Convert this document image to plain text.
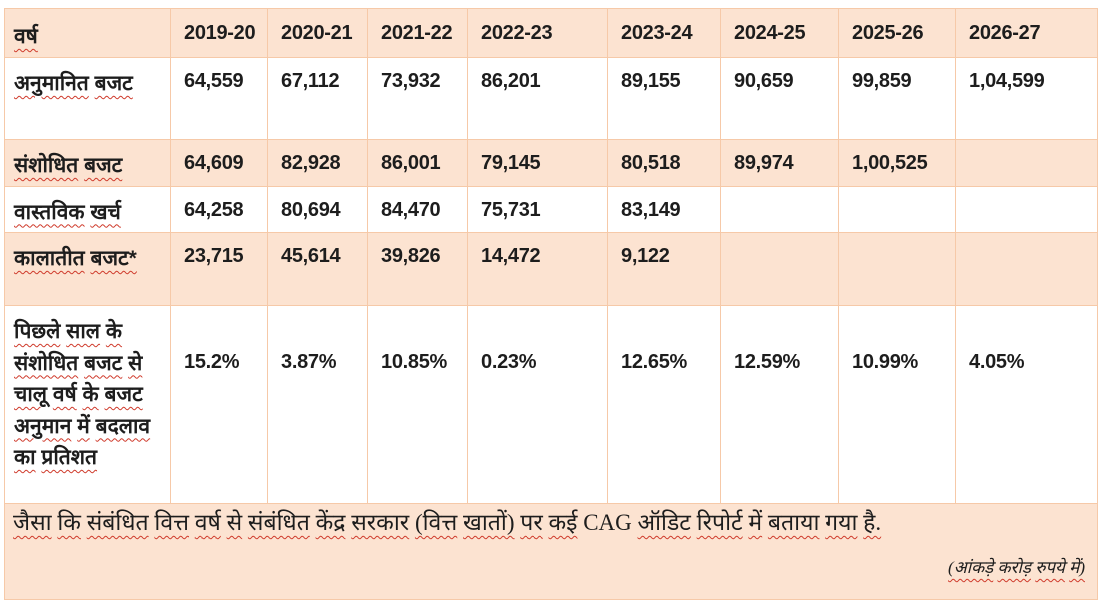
वर्ष	2019-20	2020-21	2021-22	2022-23	2023-24	2024-25	2025-26	2026-27
अनुमानित बजट	64,559	67,112	73,932	86,201	89,155	90,659	99,859	1,04,599
संशोधित बजट	64,609	82,928	86,001	79,145	80,518	89,974	1,00,525	
वास्तविक खर्च	64,258	80,694	84,470	75,731	83,149			
कालातीत बजट*	23,715	45,614	39,826	14,472	9,122			
पिछले साल के संशोधित बजट से चालू वर्ष के बजट अनुमान में बदलाव का प्रतिशत	15.2%	3.87%	10.85%	0.23%	12.65%	12.59%	10.99%	4.05%

जैसा कि संबंधित वित्त वर्ष से संबंधित केंद्र सरकार (वित्त खातों) पर कई CAG ऑडिट रिपोर्ट में बताया गया है.
(आंकड़े करोड़ रुपये में)								
